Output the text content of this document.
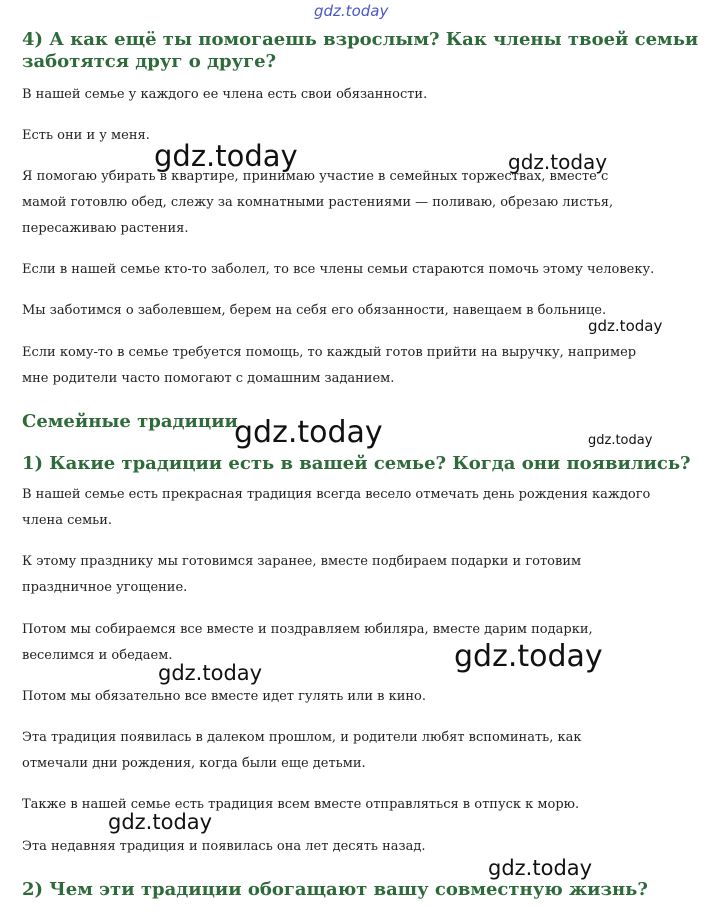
gdz.today
4) А как ещё ты помогаешь взрослым? Как члены твоей семьи
заботятся друг о друге?

В нашей семье у каждого ее члена есть свои обязанности.

Есть они и у меня.

Я помогаю убирать в квартире, принимаю участие в семейных торжествах, вместе с

мамой готовлю обед, слежу за комнатными растениями — поливаю, обрезаю листья,

пересаживаю растения.

Если в нашей семье кто-то заболел, то все члены семьи стараются помочь этому человеку.

Мы заботимся о заболевшем, берем на себя его обязанности, навещаем в больнице.

Если кому-то в семье требуется помощь, то каждый готов прийти на выручку, например

мне родители часто помогают с домашним заданием.

Семейные традиции
1) Какие традиции есть в вашей семье? Когда они появились?

В нашей семье есть прекрасная традиция всегда весело отмечать день рождения каждого

члена семьи.

К этому празднику мы готовимся заранее, вместе подбираем подарки и готовим

праздничное угощение.

Потом мы собираемся все вместе и поздравляем юбиляра, вместе дарим подарки,

веселимся и обедаем.

Потом мы обязательно все вместе идет гулять или в кино.

Эта традиция появилась в далеком прошлом, и родители любят вспоминать, как

отмечали дни рождения, когда были еще детьми.

Также в нашей семье есть традиция всем вместе отправляться в отпуск к морю.

Эта недавняя традиция и появилась она лет десять назад.

2) Чем эти традиции обогащают вашу совместную жизнь?
gdz.today	gdz.today
gdz.today
gdz.today	gdz.today
gdz.today
gdz.today
gdz.today
gdz.today
